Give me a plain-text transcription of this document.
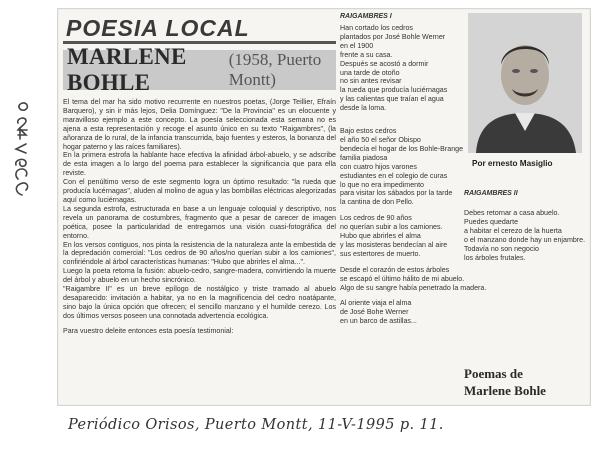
POESIA LOCAL
MARLENE BOHLE
(1958, Puerto Montt)

El tema del mar ha sido motivo recurrente en nuestros poetas, (Jorge Teillier, Efraín Barquero), y sin ir más lejos, Delia Domínguez: "De la Provincia" es un elocuente y maravilloso ejemplo a este concepto. La poesía seleccionada esta semana no es ajena a esta representación y recoge el asunto único en su texto "Raigambres", (la añoranza de lo rural, de la infancia transcurrida, bajo fuentes y esteros, la bonanza del hogar paterno y las raíces familiares).

En la primera estrofa la hablante hace efectiva la afinidad árbol-abuelo, y se adscribe de esta imagen a lo largo del poema para establecer la significancia que para ella reviste.

Con el penúltimo verso de este segmento logra un óptimo resultado: "la rueda que producía lucérnagas", aluden al molino de agua y las bombillas eléctricas alegorizadas aquí como luciérnagas.

La segunda estrofa, estructurada en base a un lenguaje coloquial y descriptivo, nos revela un panorama de costumbres, fragmento que a pesar de carecer de imagen poética, posee la particularidad de entregarnos una visión cuasi-fotográfica del entorno.

En los versos contiguos, nos pinta la resistencia de la naturaleza ante la embestida de la depredación comercial: "Los cedros de 90 años/no querían subir a los camiones", confiriéndole al árbol características humanas: "Hubo que abrirles el alma...".

Luego la poeta retoma la fusión: abuelo-cedro, sangre-madera, convirtiendo la muerte del árbol y abuelo en un hecho sincrónico.

"Raigambre II" es un breve epílogo de nostálgico y triste tramado al abuelo desaparecido: invitación a habitar, ya no en la magnificencia del cedro noatápante, sino bajo la única opción que ofrecen; el sencillo manzano y el humilde cerezo. Los dos últimos versos poseen una connotada advertencia ecológica.

Para vuestro deleite entonces esta poesía testimonial:

RAIGAMBRES I
Han cortado los cedros
plantados por José Bohle Werner
en el 1900
frente a su casa.
Después se acostó a dormir
una tarde de otoño
no sin antes revisar
la rueda que producía luciérnagas
y las calientas que traían el agua
desde la loma.
Bajo estos cedros
el año 50 el señor Obispo
bendecía el hogar de los Bohle-Brange
familia piadosa
con cuatro hijos varones
estudiantes en el colegio de curas
lo que no era impedimento
para visitar los sábados por la tarde
la cantina de don Pello.
Los cedros de 90 años
no querían subir a los camiones.
Hubo que abrirles el alma
y las mosisteras bendecían al aire
sus estertores de muerto.
Desde el corazón de estos árboles
se escapó el último hálito de mi abuelo.
Algo de su sangre había penetrado la madera.
Al oriente viaja el alma
de José Bohe Werner
en un barco de astillas...
Por ernesto Masiglio
RAIGAMBRES II
Debes retornar a casa abuelo.
Puedes quedarte
a habitar el cerezo de la huerta
o el manzano donde hay un enjambre.
Todavía no son negocio
los árboles frutales.
Poemas de
Marlene Bohle
Periódico Orisos, Puerto Montt, 11-V-1995 p. 11.
